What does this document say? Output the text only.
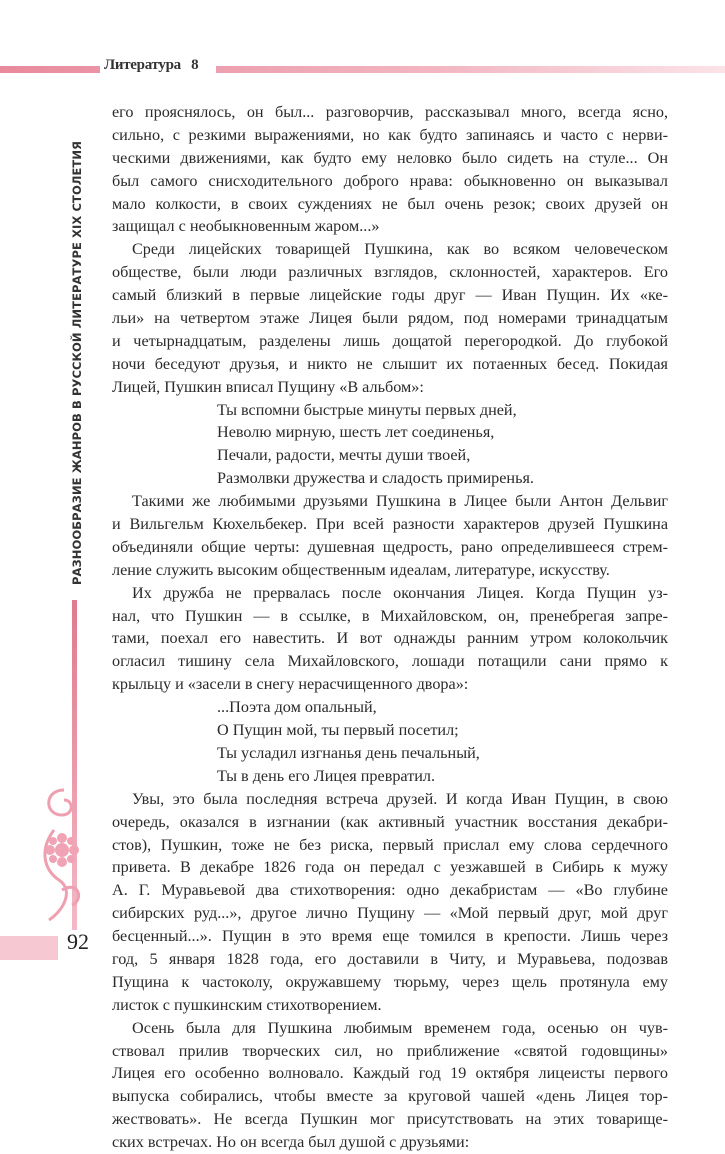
Литература   8
РАЗНООБРАЗИЕ ЖАНРОВ В РУССКОЙ ЛИТЕРАТУРЕ XIX СТОЛЕТИЯ
92
его прояснялось, он был... разговорчив, рассказывал много, всегда ясно,
сильно, с резкими выражениями, но как будто запинаясь и часто с нерви-
ческими движениями, как будто ему неловко было сидеть на стуле... Он
был самого снисходительного доброго нрава: обыкновенно он выказывал
мало колкости, в своих суждениях не был очень резок; своих друзей он
защищал с необыкновенным жаром...»
Среди лицейских товарищей Пушкина, как во всяком человеческом
обществе, были люди различных взглядов, склонностей, характеров. Его
самый близкий в первые лицейские годы друг — Иван Пущин. Их «ке-
льи» на четвертом этаже Лицея были рядом, под номерами тринадцатым
и четырнадцатым, разделены лишь дощатой перегородкой. До глубокой
ночи беседуют друзья, и никто не слышит их потаенных бесед. Покидая
Лицей, Пушкин вписал Пущину «В альбом»:
Ты вспомни быстрые минуты первых дней,
Неволю мирную, шесть лет соединенья,
Печали, радости, мечты души твоей,
Размолвки дружества и сладость примиренья.
Такими же любимыми друзьями Пушкина в Лицее были Антон Дельвиг
и Вильгельм Кюхельбекер. При всей разности характеров друзей Пушкина
объединяли общие черты: душевная щедрость, рано определившееся стрем-
ление служить высоким общественным идеалам, литературе, искусству.
Их дружба не прервалась после окончания Лицея. Когда Пущин уз-
нал, что Пушкин — в ссылке, в Михайловском, он, пренебрегая запре-
тами, поехал его навестить. И вот однажды ранним утром колокольчик
огласил тишину села Михайловского, лошади потащили сани прямо к
крыльцу и «засели в снегу нерасчищенного двора»:
...Поэта дом опальный,
О Пущин мой, ты первый посетил;
Ты усладил изгнанья день печальный,
Ты в день его Лицея превратил.
Увы, это была последняя встреча друзей. И когда Иван Пущин, в свою
очередь, оказался в изгнании (как активный участник восстания декабри-
стов), Пушкин, тоже не без риска, первый прислал ему слова сердечного
привета. В декабре 1826 года он передал с уезжавшей в Сибирь к мужу
А. Г. Муравьевой два стихотворения: одно декабристам — «Во глубине
сибирских руд...», другое лично Пущину — «Мой первый друг, мой друг
бесценный...». Пущин в это время еще томился в крепости. Лишь через
год, 5 января 1828 года, его доставили в Читу, и Муравьева, подозвав
Пущина к частоколу, окружавшему тюрьму, через щель протянула ему
листок с пушкинским стихотворением.
Осень была для Пушкина любимым временем года, осенью он чув-
ствовал прилив творческих сил, но приближение «святой годовщины»
Лицея его особенно волновало. Каждый год 19 октября лицеисты первого
выпуска собирались, чтобы вместе за круговой чашей «день Лицея тор-
жествовать». Не всегда Пушкин мог присутствовать на этих товарище-
ских встречах. Но он всегда был душой с друзьями:
